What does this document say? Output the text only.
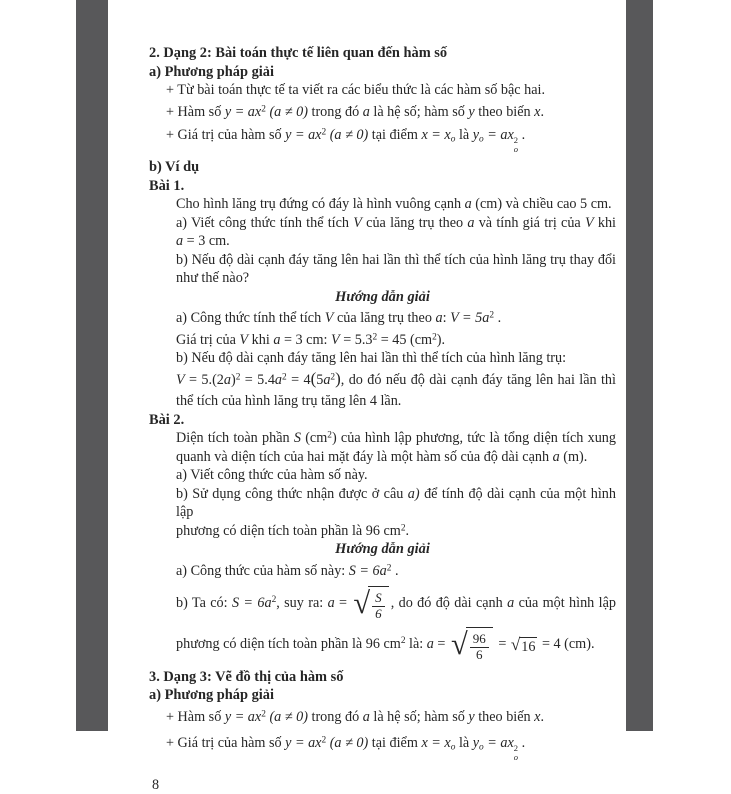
2. Dạng 2: Bài toán thực tế liên quan đến hàm số
a) Phương pháp giải
+ Từ bài toán thực tế ta viết ra các biểu thức là các hàm số bậc hai.
+ Hàm số $y = ax^2$ (a ≠ 0) trong đó a là hệ số; hàm số y theo biến x.
+ Giá trị của hàm số $y = ax^2$ (a ≠ 0) tại điểm $x = x_o$ là $y_o$ = ax 2
o
.
b) Ví dụ
Bài 1.
Cho hình lăng trụ đứng có đáy là hình vuông cạnh a (cm) và chiều cao 5 cm.
a) Viết công thức tính thể tích V của lăng trụ theo a và tính giá trị của V khi
a = 3 cm.
b) Nếu độ dài cạnh đáy tăng lên hai lần thì thể tích của hình lăng trụ thay đổi
như thế nào?
Hướng dẫn giải
a) Công thức tính thể tích V của lăng trụ theo a: $V = 5a^2$ .
Giá trị của V khi a = 3 cm: $V = 5.3^2 = 45$ $(cm^2)$.
b) Nếu độ dài cạnh đáy tăng lên hai lần thì thể tích của hình lăng trụ:
$V = 5.(2a)^2 = 5.4a^2 = 4(5a^2)$, do đó nếu độ dài cạnh đáy tăng lên hai lần thì
thể tích của hình lăng trụ tăng lên 4 lần.
Bài 2.
Diện tích toàn phần S $(cm^2)$ của hình lập phương, tức là tổng diện tích xung
quanh và diện tích của hai mặt đáy là một hàm số của độ dài cạnh a (m).
a) Viết công thức của hàm số này.
b) Sử dụng công thức nhận được ở câu a) để tính độ dài cạnh của một hình lập
phương có diện tích toàn phần là 96 $cm^2$.
Hướng dẫn giải
a) Công thức của hàm số này: $S = 6a^2$ .
b) Ta có: $S = 6a^2$, suy ra: a = √ $\frac{S}{6}$ , do đó độ dài cạnh a của một hình lập
phương có diện tích toàn phần là 96 $cm^2$ là: a = √ $\frac{96}{6}$ = √ 16 = 4 (cm).
3. Dạng 3: Vẽ đồ thị của hàm số
a) Phương pháp giải
+ Hàm số $y = ax^2$ (a ≠ 0) trong đó a là hệ số; hàm số y theo biến x.
+ Giá trị của hàm số $y = ax^2$ (a ≠ 0) tại điểm $x = x_o$ là $y_o$ = ax 2
o
.
8
